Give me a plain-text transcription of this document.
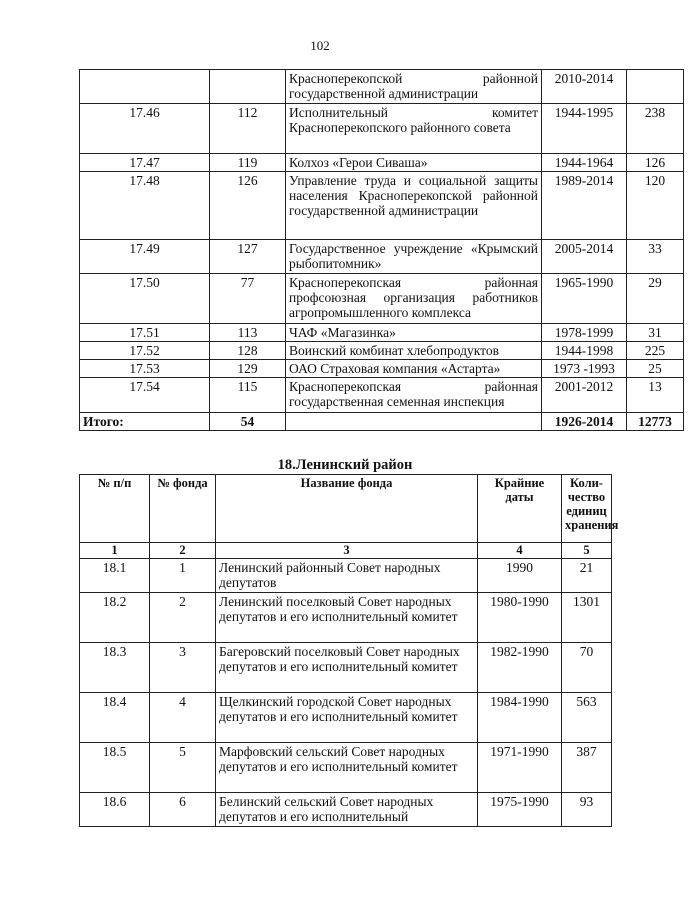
102
		Красноперекопской районной государственной администрации	2010-2014	
17.46	112	Исполнительный комитет Красноперекопского районного совета	1944-1995	238
17.47	119	Колхоз «Герои Сиваша»	1944-1964	126
17.48	126	Управление труда и социальной защиты населения Красноперекопской районной государственной администрации	1989-2014	120
17.49	127	Государственное учреждение «Крымский рыбопитомник»	2005-2014	33
17.50	77	Красноперекопская районная профсоюзная организация работников агропромышленного комплекса	1965-1990	29
17.51	113	ЧАФ «Магазинка»	1978-1999	31
17.52	128	Воинский комбинат хлебопродуктов	1944-1998	225
17.53	129	ОАО Страховая компания «Астарта»	1973 -1993	25
17.54	115	Красноперекопская районная государственная семенная инспекция	2001-2012	13
Итого:	54		1926-2014	12773
18.Ленинский район
№ п/п	№ фонда	Название фонда	Крайние даты	Коли-чество единиц хранения
1	2	3	4	5
18.1	1	Ленинский районный Совет народных депутатов	1990	21
18.2	2	Ленинский поселковый Совет народных депутатов и его исполнительный комитет	1980-1990	1301
18.3	3	Багеровский поселковый Совет народных депутатов и его исполнительный комитет	1982-1990	70
18.4	4	Щелкинский городской Совет народных депутатов и его исполнительный комитет	1984-1990	563
18.5	5	Марфовский сельский Совет народных депутатов и его исполнительный комитет	1971-1990	387
18.6	6	Белинский сельский Совет народных депутатов и его исполнительный	1975-1990	93
